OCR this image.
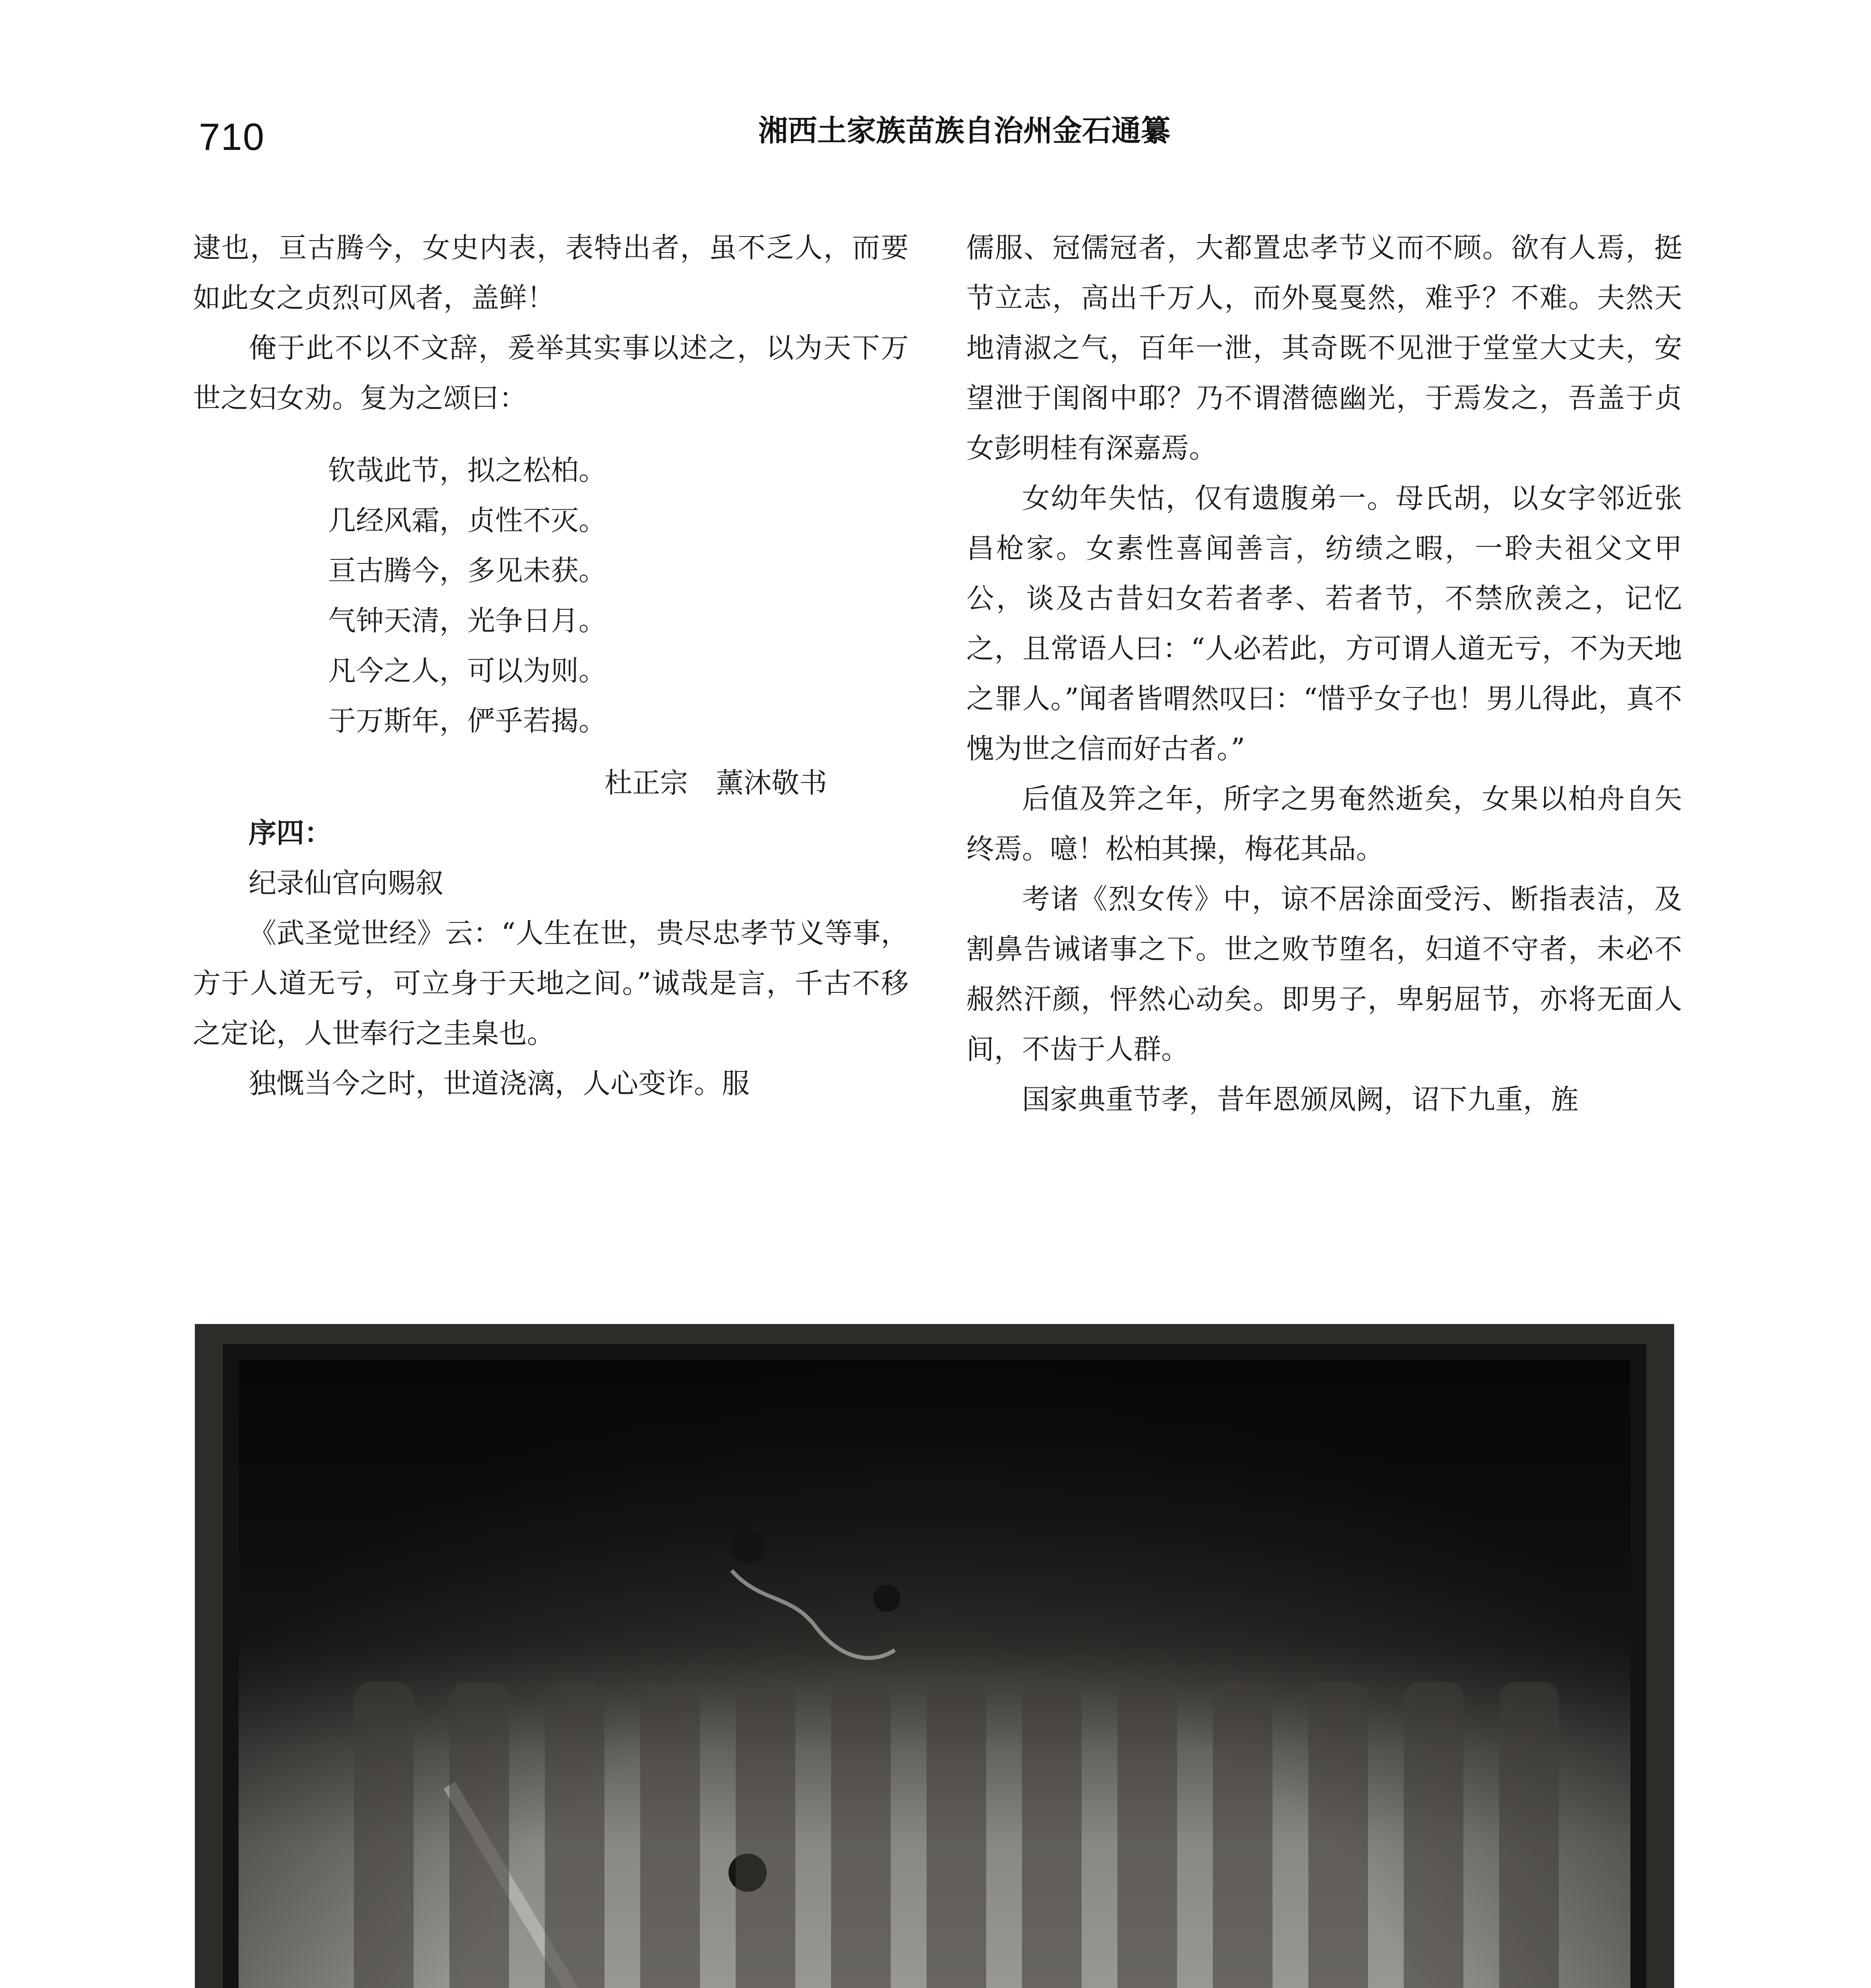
710	湘西土家族苗族自治州金石通纂

逮也，亘古腾今，女史内表，表特出者，虽不乏人，而要如此女之贞烈可风者，盖鲜！

俺于此不以不文辞，爰举其实事以述之，以为天下万世之妇女劝。复为之颂曰：

钦哉此节，拟之松柏。
几经风霜，贞性不灭。
亘古腾今，多见未获。
气钟天清，光争日月。
凡今之人，可以为则。
于万斯年，俨乎若揭。

杜正宗　薰沐敬书

序四：

纪录仙官向赐叙

《武圣觉世经》云：“人生在世，贵尽忠孝节义等事，方于人道无亏，可立身于天地之间。”诚哉是言，千古不移之定论，人世奉行之圭臬也。

独慨当今之时，世道浇漓，人心变诈。服

儒服、冠儒冠者，大都置忠孝节义而不顾。欲有人焉，挺节立志，高出千万人，而外戛戛然，难乎？不难。夫然天地清淑之气，百年一泄，其奇既不见泄于堂堂大丈夫，安望泄于闺阁中耶？乃不谓潜德幽光，于焉发之，吾盖于贞女彭明桂有深嘉焉。

女幼年失怙，仅有遗腹弟一。母氏胡，以女字邻近张昌枪家。女素性喜闻善言，纺绩之暇，一聆夫祖父文甲公，谈及古昔妇女若者孝、若者节，不禁欣羡之，记忆之，且常语人曰：“人必若此，方可谓人道无亏，不为天地之罪人。”闻者皆喟然叹曰：“惜乎女子也！男儿得此，真不愧为世之信而好古者。”

后值及笄之年，所字之男奄然逝矣，女果以柏舟自矢终焉。噫！松柏其操，梅花其品。

考诸《烈女传》中，谅不居涂面受污、断指表洁，及割鼻告诫诸事之下。世之败节堕名，妇道不守者，未必不赧然汗颜，怦然心动矣。即男子，卑躬屈节，亦将无面人间，不齿于人群。

国家典重节孝，昔年恩颁凤阙，诏下九重，旌
